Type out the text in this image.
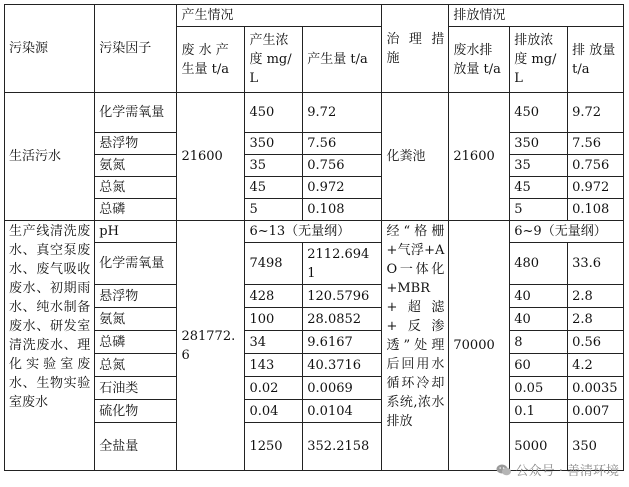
污染源	污染因子	产生情况			治 理 措施	排放情况		
		废 水 产生量 t/a	产生浓度 mg/L	产生量 t/a		废水排放量 t/a	排放浓度 mg/L	排 放量 t/a
生活污水	化学需氧量	21600	450	9.72	化粪池	21600	450	9.72
	悬浮物		350	7.56			350	7.56
	氨氮		35	0.756			35	0.756
	总氮		45	0.972			45	0.972
	总磷		5	0.108			5	0.108
生产线清洗废水、真空泵废水、废气吸收废水、初期雨水、纯水制备废水、研发室清洗废水、理化实验室废水、生物实验室废水	pH	281772.6	6~13（无量纲）		经“格栅+气浮+AO一体化+MBR+超滤+反渗透”处理后回用水循环冷却系统,浓水排放	70000	6~9（无量纲）	
	化学需氧量		7498	2112.6941			480	33.6
	悬浮物		428	120.5796			40	2.8
	氨氮		100	28.0852			40	2.8
	总磷		34	9.6167			8	0.56
	总氮		143	40.3716			60	4.2
	石油类		0.02	0.0069			0.05	0.0035
	硫化物		0.04	0.0104			0.1	0.007
	全盐量		1250	352.2158			5000	350
公众号 · 善清环境
